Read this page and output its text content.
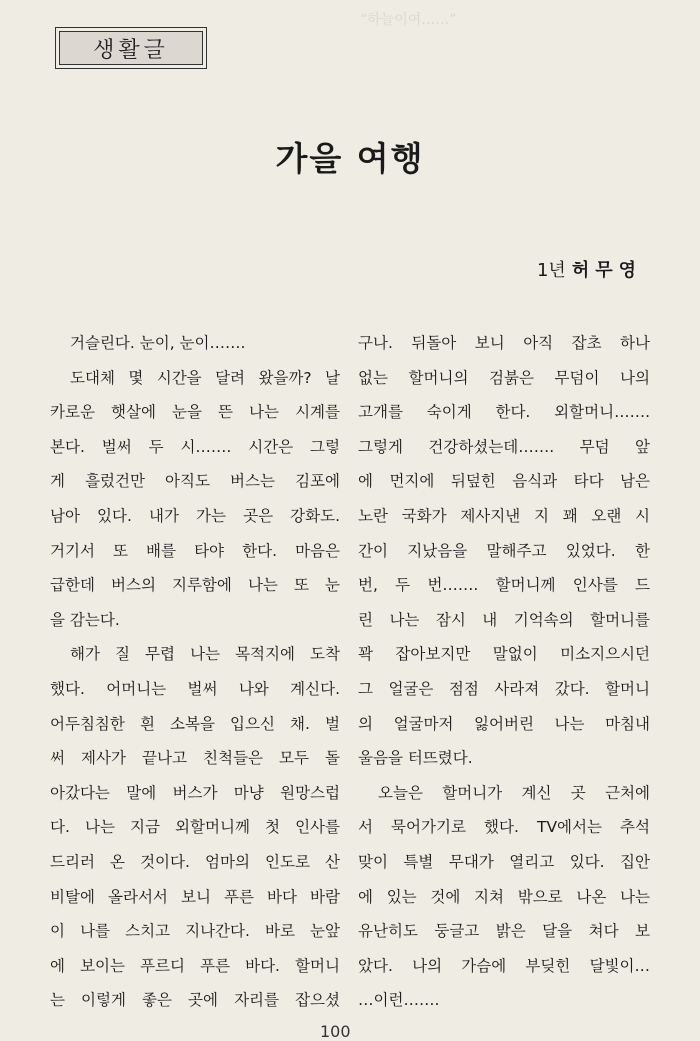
“하늘이여……”
생활글
가을 여행
1년 허무영
거슬린다. 눈이, 눈이…….
도대체 몇 시간을 달려 왔을까? 날
카로운 햇살에 눈을 뜬 나는 시계를
본다. 벌써 두 시……. 시간은 그렇
게 흘렀건만 아직도 버스는 김포에
남아 있다. 내가 가는 곳은 강화도.
거기서 또 배를 타야 한다. 마음은
급한데 버스의 지루함에 나는 또 눈
을 감는다.
해가 질 무렵 나는 목적지에 도착
했다. 어머니는 벌써 나와 계신다.
어두침침한 흰 소복을 입으신 채. 벌
써 제사가 끝나고 친척들은 모두 돌
아갔다는 말에 버스가 마냥 원망스럽
다. 나는 지금 외할머니께 첫 인사를
드리러 온 것이다. 엄마의 인도로 산
비탈에 올라서서 보니 푸른 바다 바람
이 나를 스치고 지나간다. 바로 눈앞
에 보이는 푸르디 푸른 바다. 할머니
는 이렇게 좋은 곳에 자리를 잡으셨
구나. 뒤돌아 보니 아직 잡초 하나
없는 할머니의 검붉은 무덤이 나의
고개를 숙이게 한다. 외할머니…….
그렇게 건강하셨는데……. 무덤 앞
에 먼지에 뒤덮힌 음식과 타다 남은
노란 국화가 제사지낸 지 꽤 오랜 시
간이 지났음을 말해주고 있었다. 한
번, 두 번……. 할머니께 인사를 드
린 나는 잠시 내 기억속의 할머니를
꽉 잡아보지만 말없이 미소지으시던
그 얼굴은 점점 사라져 갔다. 할머니
의 얼굴마저 잃어버린 나는 마침내
울음을 터뜨렸다.
오늘은 할머니가 계신 곳 근처에
서 묵어가기로 했다. TV에서는 추석
맞이 특별 무대가 열리고 있다. 집안
에 있는 것에 지쳐 밖으로 나온 나는
유난히도 둥글고 밝은 달을 쳐다 보
았다. 나의 가슴에 부딪힌 달빛이…
…이런…….
100
